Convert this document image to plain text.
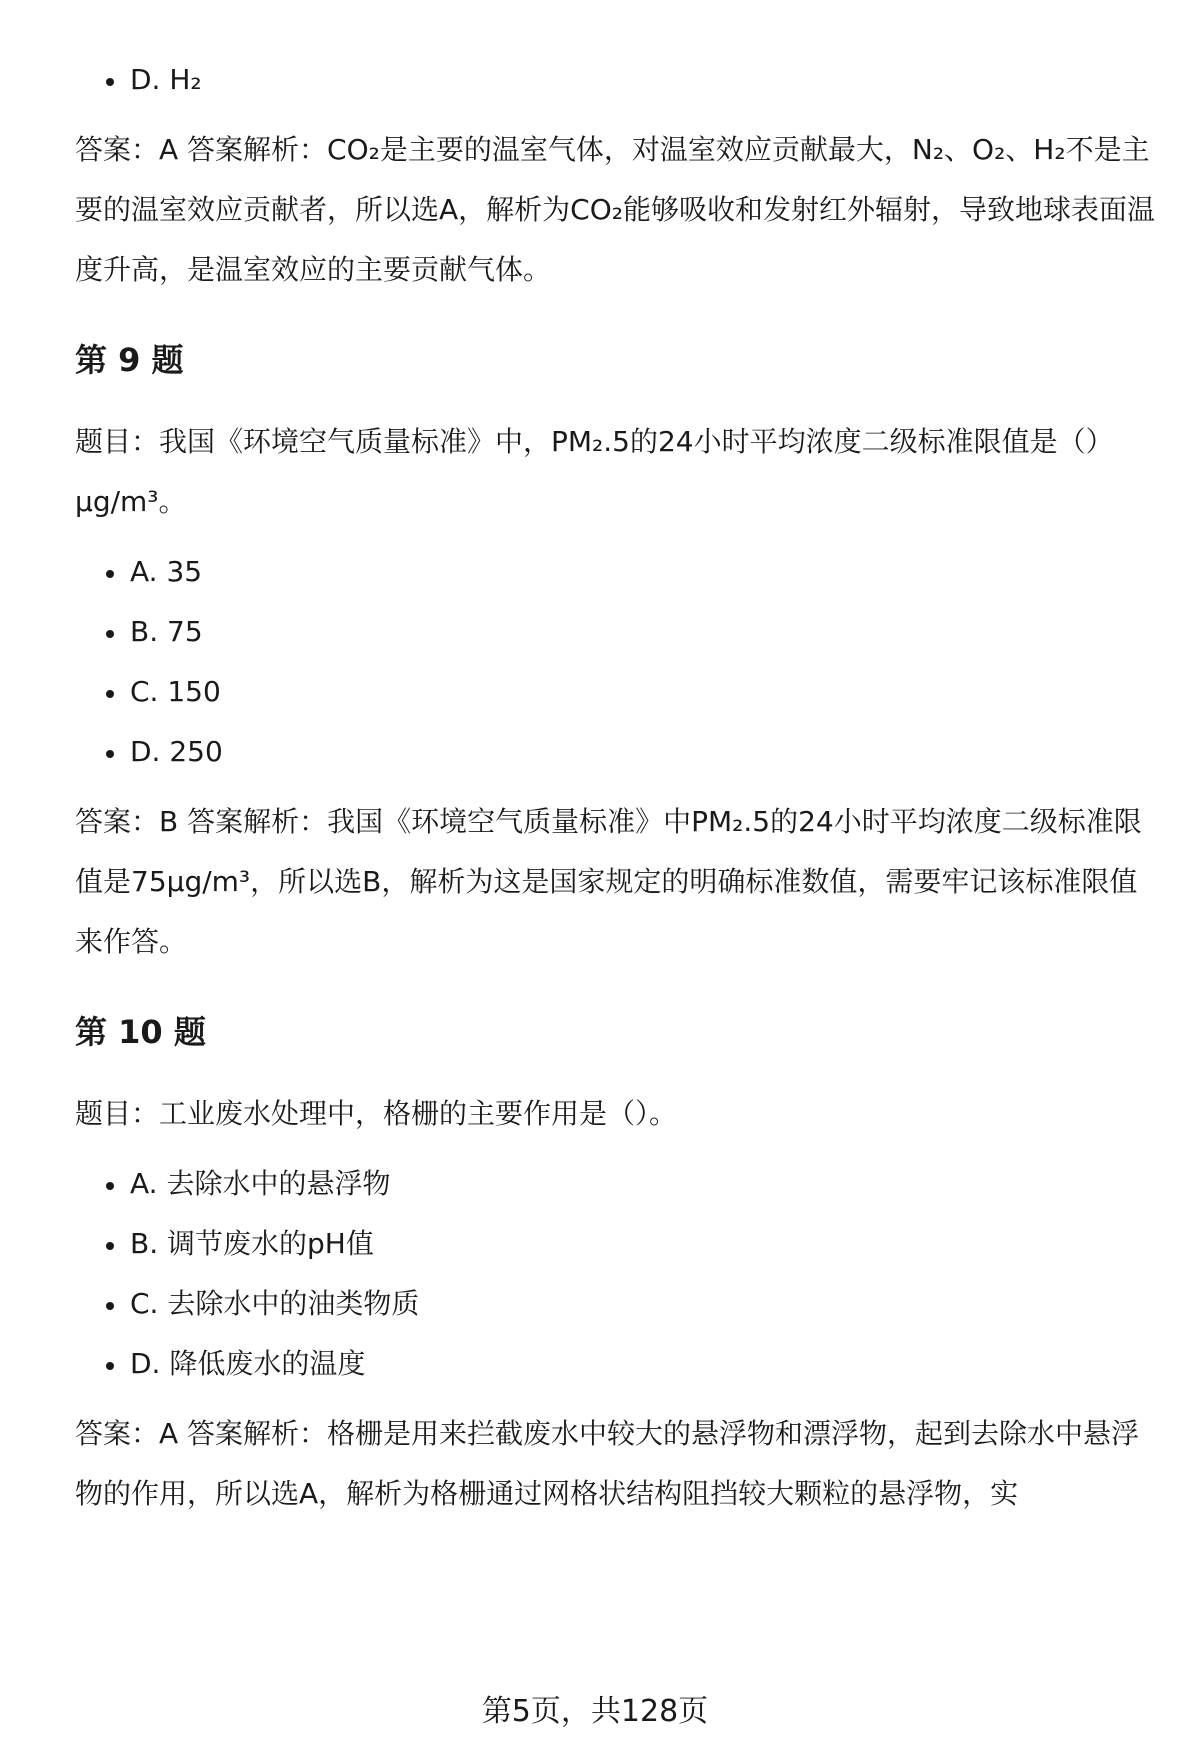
D. H₂

答案：A 答案解析：CO₂是主要的温室气体，对温室效应贡献最大，N₂、O₂、H₂不是主要的温室效应贡献者，所以选A，解析为CO₂能够吸收和发射红外辐射，导致地球表面温度升高，是温室效应的主要贡献气体。

第 9 题

题目：我国《环境空气质量标准》中，PM₂.5的24小时平均浓度二级标准限值是（）μg/m³。

A. 35
B. 75
C. 150
D. 250

答案：B 答案解析：我国《环境空气质量标准》中PM₂.5的24小时平均浓度二级标准限值是75μg/m³，所以选B，解析为这是国家规定的明确标准数值，需要牢记该标准限值来作答。

第 10 题

题目：工业废水处理中，格栅的主要作用是（）。

A. 去除水中的悬浮物
B. 调节废水的pH值
C. 去除水中的油类物质
D. 降低废水的温度

答案：A 答案解析：格栅是用来拦截废水中较大的悬浮物和漂浮物，起到去除水中悬浮物的作用，所以选A，解析为格栅通过网格状结构阻挡较大颗粒的悬浮物，实

第5页，共128页
